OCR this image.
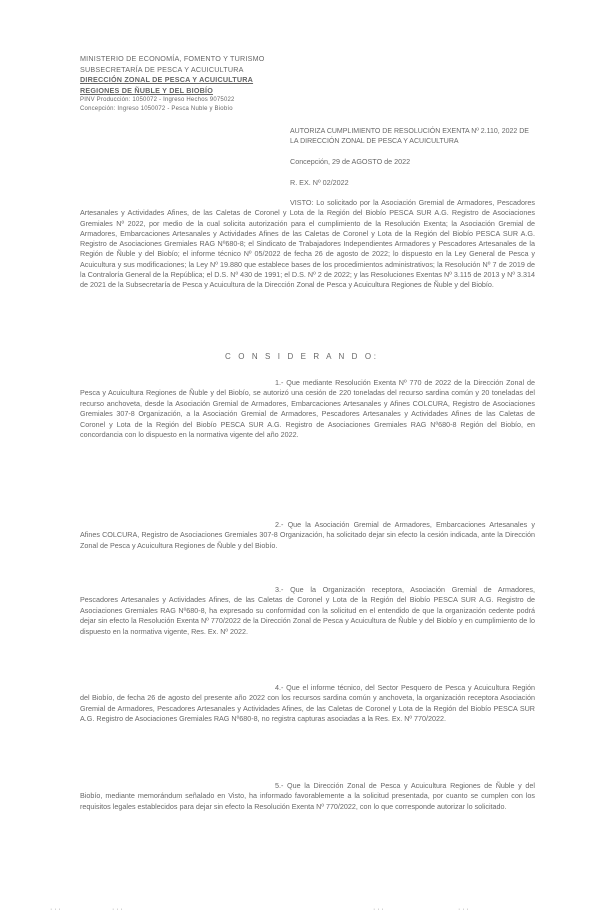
MINISTERIO DE ECONOMÍA, FOMENTO Y TURISMO
SUBSECRETARÍA DE PESCA Y ACUICULTURA
DIRECCIÓN ZONAL DE PESCA Y ACUICULTURA
REGIONES DE ÑUBLE Y DEL BIOBÍO
PINV Producción: 1050072 - Ingreso Hechos 9075022
Concepción: Ingreso 1050072 - Pesca Ñuble y Biobío
AUTORIZA CUMPLIMIENTO DE RESOLUCIÓN EXENTA Nº 2.110, 2022 DE LA DIRECCIÓN ZONAL DE PESCA Y ACUICULTURA
Concepción, 29 de AGOSTO de 2022
R. EX. Nº 02/2022
VISTO: Lo solicitado por la Asociación Gremial de Armadores, Pescadores Artesanales y Actividades Afines, de las Caletas de Coronel y Lota de la Región del Biobío PESCA SUR A.G. Registro de Asociaciones Gremiales Nº 2022, por medio de la cual solicita autorización para el cumplimiento de la Resolución Exenta; la Asociación Gremial de Armadores, Embarcaciones Artesanales y Actividades Afines de las Caletas de Coronel y Lota de la Región del Biobío PESCA SUR A.G. Registro de Asociaciones Gremiales RAG Nº680-8; el Sindicato de Trabajadores Independientes Armadores y Pescadores Artesanales de la Región de Ñuble y del Biobío; el informe técnico Nº 05/2022 de fecha 26 de agosto de 2022; lo dispuesto en la Ley General de Pesca y Acuicultura y sus modificaciones; la Ley Nº 19.880 que establece bases de los procedimientos administrativos; la Resolución Nº 7 de 2019 de la Contraloría General de la República; el D.S. Nº 430 de 1991; el D.S. Nº 2 de 2022; y las Resoluciones Exentas Nº 3.115 de 2013 y Nº 3.314 de 2021 de la Subsecretaría de Pesca y Acuicultura de la Dirección Zonal de Pesca y Acuicultura Regiones de Ñuble y del Biobío.
C O N S I D E R A N D O:
1.- Que mediante Resolución Exenta Nº 770 de 2022 de la Dirección Zonal de Pesca y Acuicultura Regiones de Ñuble y del Biobío, se autorizó una cesión de 220 toneladas del recurso sardina común y 20 toneladas del recurso anchoveta, desde la Asociación Gremial de Armadores, Embarcaciones Artesanales y Afines COLCURA, Registro de Asociaciones Gremiales 307-8 Organización, a la Asociación Gremial de Armadores, Pescadores Artesanales y Actividades Afines de las Caletas de Coronel y Lota de la Región del Biobío PESCA SUR A.G. Registro de Asociaciones Gremiales RAG Nº680-8 Región del Biobío, en concordancia con lo dispuesto en la normativa vigente del año 2022.
2.- Que la Asociación Gremial de Armadores, Embarcaciones Artesanales y Afines COLCURA, Registro de Asociaciones Gremiales 307-8 Organización, ha solicitado dejar sin efecto la cesión indicada, ante la Dirección Zonal de Pesca y Acuicultura Regiones de Ñuble y del Biobío.
3.- Que la Organización receptora, Asociación Gremial de Armadores, Pescadores Artesanales y Actividades Afines, de las Caletas de Coronel y Lota de la Región del Biobío PESCA SUR A.G. Registro de Asociaciones Gremiales RAG Nº680-8, ha expresado su conformidad con la solicitud en el entendido de que la organización cedente podrá dejar sin efecto la Resolución Exenta Nº 770/2022 de la Dirección Zonal de Pesca y Acuicultura de Ñuble y del Biobío y en cumplimiento de lo dispuesto en la normativa vigente, Res. Ex. Nº 2022.
4.- Que el informe técnico, del Sector Pesquero de Pesca y Acuicultura Región del Biobío, de fecha 26 de agosto del presente año 2022 con los recursos sardina común y anchoveta, la organización receptora Asociación Gremial de Armadores, Pescadores Artesanales y Actividades Afines, de las Caletas de Coronel y Lota de la Región del Biobío PESCA SUR A.G. Registro de Asociaciones Gremiales RAG Nº680-8, no registra capturas asociadas a la Res. Ex. Nº 770/2022.
5.- Que la Dirección Zonal de Pesca y Acuicultura Regiones de Ñuble y del Biobío, mediante memorándum señalado en Visto, ha informado favorablemente a la solicitud presentada, por cuanto se cumplen con los requisitos legales establecidos para dejar sin efecto la Resolución Exenta Nº 770/2022, con lo que corresponde autorizar lo solicitado.
· · ·	· · ·	· · ·	· · ·
